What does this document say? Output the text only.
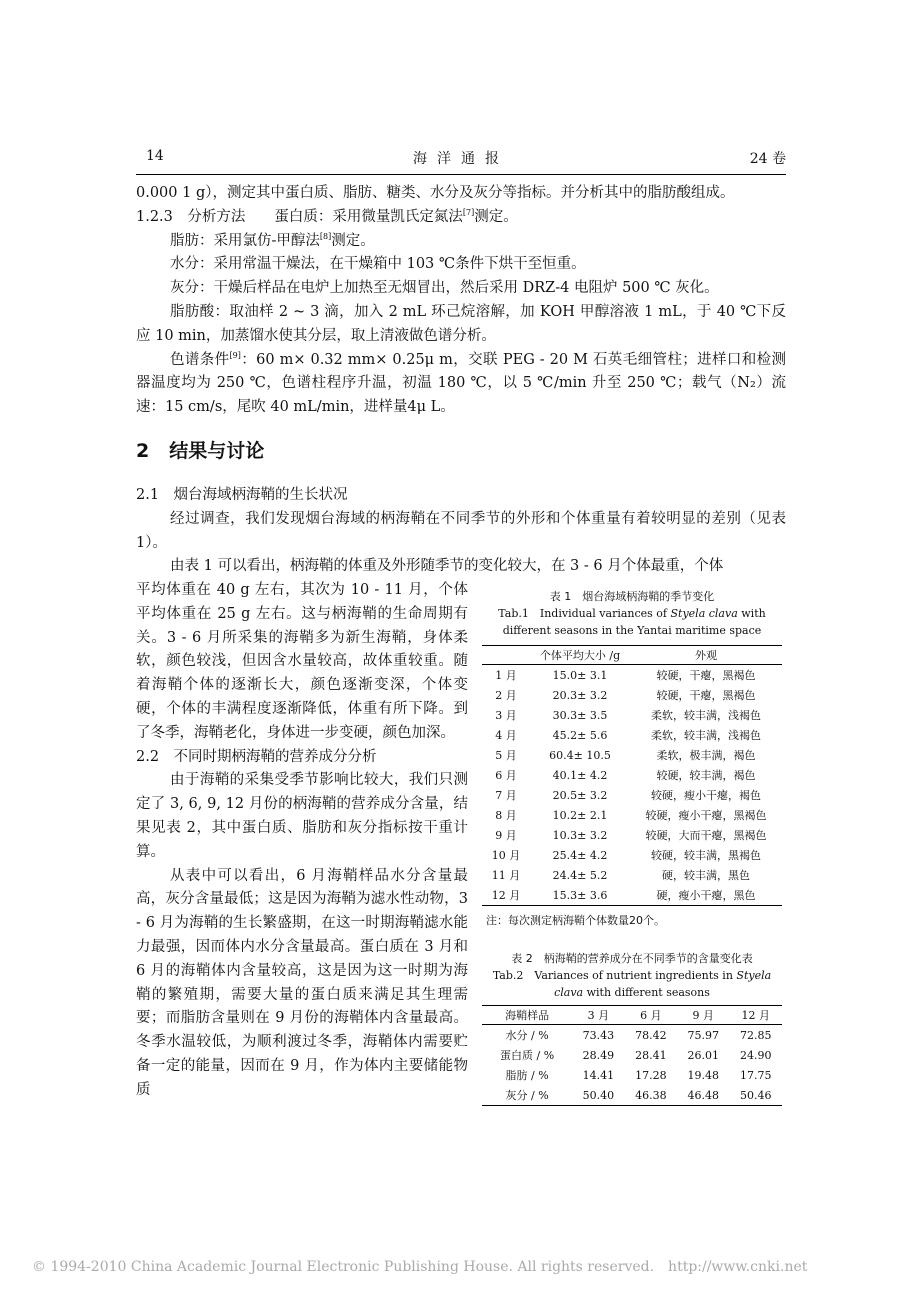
14	海洋通报	24 卷

0.000 1 g），测定其中蛋白质、脂肪、糖类、水分及灰分等指标。并分析其中的脂肪酸组成。

1.2.3　分析方法　　蛋白质：采用微量凯氏定氮法[7]测定。

脂肪：采用氯仿-甲醇法[8]测定。

水分：采用常温干燥法，在干燥箱中 103 ℃条件下烘干至恒重。

灰分：干燥后样品在电炉上加热至无烟冒出，然后采用 DRZ-4 电阻炉 500 ℃ 灰化。

脂肪酸：取油样 2 ~ 3 滴，加入 2 mL 环己烷溶解，加 KOH 甲醇溶液 1 mL，于 40 ℃下反应 10 min，加蒸馏水使其分层，取上清液做色谱分析。

色谱条件[9]：60 m× 0.32 mm× 0.25μ m，交联 PEG - 20 M 石英毛细管柱；进样口和检测器温度均为 250 ℃，色谱柱程序升温，初温 180 ℃，以 5 ℃/min 升至 250 ℃；载气（N₂）流速：15 cm/s，尾吹 40 mL/min，进样量4μ L。

2 结果与讨论

2.1　烟台海域柄海鞘的生长状况

经过调查，我们发现烟台海域的柄海鞘在不同季节的外形和个体重量有着较明显的差别（见表 1）。

由表 1 可以看出，柄海鞘的体重及外形随季节的变化较大，在 3 - 6 月个体最重，个体

平均体重在 40 g 左右，其次为 10 - 11 月，个体平均体重在 25 g 左右。这与柄海鞘的生命周期有关。3 - 6 月所采集的海鞘多为新生海鞘，身体柔软，颜色较浅，但因含水量较高，故体重较重。随着海鞘个体的逐渐长大，颜色逐渐变深，个体变硬，个体的丰满程度逐渐降低，体重有所下降。到了冬季，海鞘老化，身体进一步变硬，颜色加深。

2.2　不同时期柄海鞘的营养成分分析

由于海鞘的采集受季节影响比较大，我们只测定了 3, 6, 9, 12 月份的柄海鞘的营养成分含量，结果见表 2，其中蛋白质、脂肪和灰分指标按干重计算。

从表中可以看出，6 月海鞘样品水分含量最高，灰分含量最低；这是因为海鞘为滤水性动物，3 - 6 月为海鞘的生长繁盛期，在这一时期海鞘滤水能力最强，因而体内水分含量最高。蛋白质在 3 月和 6 月的海鞘体内含量较高，这是因为这一时期为海鞘的繁殖期，需要大量的蛋白质来满足其生理需要；而脂肪含量则在 9 月份的海鞘体内含量最高。冬季水温较低，为顺利渡过冬季，海鞘体内需要贮备一定的能量，因而在 9 月，作为体内主要储能物质

表 1　烟台海域柄海鞘的季节变化
Tab.1　Individual variances of Styela clava with different seasons in the Yantai maritime space
	个体平均大小 /g	外观
1 月	15.0± 3.1	较硬，干瘪，黑褐色
2 月	20.3± 3.2	较硬，干瘪，黑褐色
3 月	30.3± 3.5	柔软，较丰满，浅褐色
4 月	45.2± 5.6	柔软，较丰满，浅褐色
5 月	60.4± 10.5	柔软，极丰满，褐色
6 月	40.1± 4.2	较硬，较丰满，褐色
7 月	20.5± 3.2	较硬，瘦小干瘪，褐色
8 月	10.2± 2.1	较硬，瘦小干瘪，黑褐色
9 月	10.3± 3.2	较硬，大而干瘪，黑褐色
10 月	25.4± 4.2	较硬，较丰满，黑褐色
11 月	24.4± 5.2	硬，较丰满，黑色
12 月	15.3± 3.6	硬，瘦小干瘪，黑色
注：每次测定柄海鞘个体数量20个。
表 2　柄海鞘的营养成分在不同季节的含量变化表
Tab.2　Variances of nutrient ingredients in Styela clava with different seasons
海鞘样品	3 月	6 月	9 月	12 月
水分 / %	73.43	78.42	75.97	72.85
蛋白质 / %	28.49	28.41	26.01	24.90
脂肪 / %	14.41	17.28	19.48	17.75
灰分 / %	50.40	46.38	46.48	50.46
© 1994-2010 China Academic Journal Electronic Publishing House. All rights reserved.　http://www.cnki.net
